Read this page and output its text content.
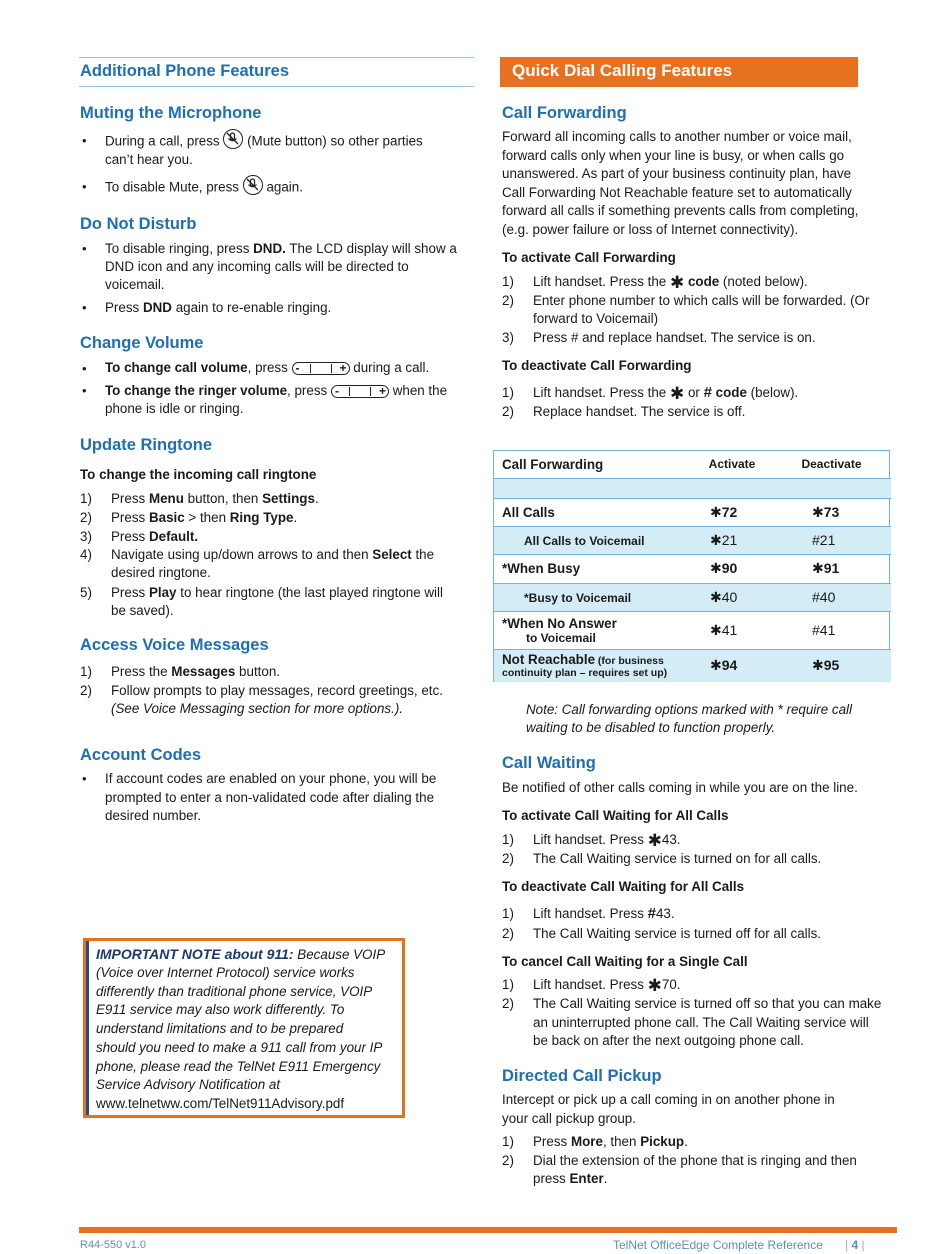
Additional Phone Features
Muting the Microphone
• During a call, press (Mute button) so other parties
can’t hear you.
• To disable Mute, press again.
Do Not Disturb
• To disable ringing, press DND. The LCD display will show a
DND icon and any incoming calls will be directed to
voicemail.
• Press DND again to re-enable ringing.
Change Volume
• To change call volume, press -	+ during a call.
• To change the ringer volume, press -	+ when the
phone is idle or ringing.
Update Ringtone
To change the incoming call ringtone
1) Press Menu button, then Settings.
2) Press Basic > then Ring Type.
3) Press Default.
4) Navigate using up/down arrows to and then Select the
desired ringtone.
5) Press Play to hear ringtone (the last played ringtone will
be saved).
Access Voice Messages
1) Press the Messages button.
2) Follow prompts to play messages, record greetings, etc.
(See Voice Messaging section for more options.).
Account Codes
• If account codes are enabled on your phone, you will be
prompted to enter a non-validated code after dialing the
desired number.
IMPORTANT NOTE about 911: Because VOIP
(Voice over Internet Protocol) service works
differently than traditional phone service, VOIP
E911 service may also work differently. To
understand limitations and to be prepared
should you need to make a 911 call from your IP
phone, please read the TelNet E911 Emergency
Service Advisory Notification at
www.telnetww.com/TelNet911Advisory.pdf
Quick Dial Calling Features
Call Forwarding
Forward all incoming calls to another number or voice mail,
forward calls only when your line is busy, or when calls go
unanswered. As part of your business continuity plan, have
Call Forwarding Not Reachable feature set to automatically
forward all calls if something prevents calls from completing,
(e.g. power failure or loss of Internet connectivity).
To activate Call Forwarding
1) Lift handset. Press the ✱ code (noted below).
2) Enter phone number to which calls will be forwarded. (Or
forward to Voicemail)
3) Press # and replace handset. The service is on.
To deactivate Call Forwarding
1) Lift handset. Press the ✱ or # code (below).
2) Replace handset. The service is off.
Call Forwarding	Activate	Deactivate

All Calls	✱72	✱73
All Calls to Voicemail	✱21	#21
*When Busy	✱90	✱91
*Busy to Voicemail	✱40	#40
*When No Answer
to Voicemail	✱41	#41
Not Reachable (for business
continuity plan – requires set up)	✱94	✱95
Note: Call forwarding options marked with * require call
waiting to be disabled to function properly.
Call Waiting
Be notified of other calls coming in while you are on the line.
To activate Call Waiting for All Calls
1) Lift handset. Press ✱43.
2) The Call Waiting service is turned on for all calls.
To deactivate Call Waiting for All Calls
1) Lift handset. Press #43.
2) The Call Waiting service is turned off for all calls.
To cancel Call Waiting for a Single Call
1) Lift handset. Press ✱70.
2) The Call Waiting service is turned off so that you can make
an uninterrupted phone call. The Call Waiting service will
be back on after the next outgoing phone call.
Directed Call Pickup
Intercept or pick up a call coming in on another phone in
your call pickup group.
1) Press More, then Pickup.
2) Dial the extension of the phone that is ringing and then
press Enter.
R44-550 v1.0	TelNet OfficeEdge Complete Reference | 4 |
